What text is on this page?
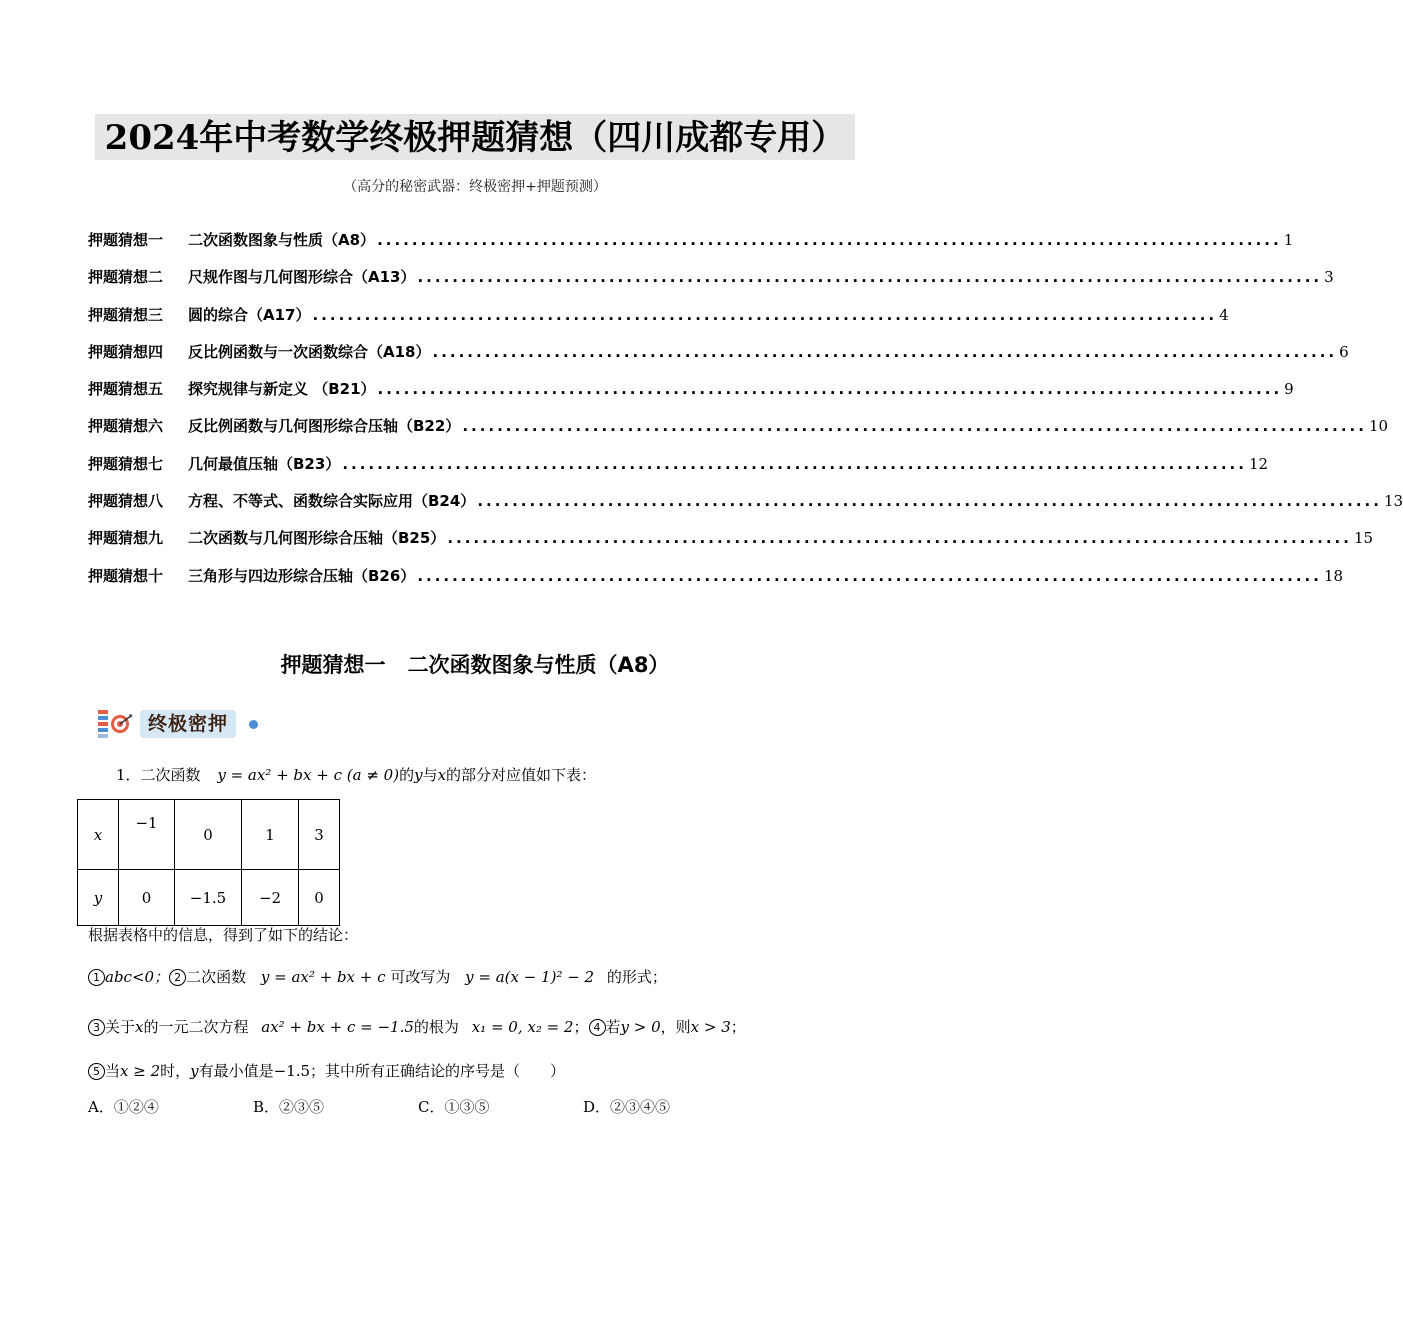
2024年中考数学终极押题猜想（四川成都专用）
（高分的秘密武器：终极密押+押题预测）
押题猜想一	二次函数图象与性质（A8） ........................................................................................................ 1
押题猜想二	尺规作图与几何图形综合（A13） ........................................................................................................ 3
押题猜想三	圆的综合（A17） ........................................................................................................ 4
押题猜想四	反比例函数与一次函数综合（A18） ........................................................................................................ 6
押题猜想五	探究规律与新定义 （B21） ........................................................................................................ 9
押题猜想六	反比例函数与几何图形综合压轴（B22） ........................................................................................................ 10
押题猜想七	几何最值压轴（B23） ........................................................................................................ 12
押题猜想八	方程、不等式、函数综合实际应用（B24） ........................................................................................................ 13
押题猜想九	二次函数与几何图形综合压轴（B25） ........................................................................................................ 15
押题猜想十	三角形与四边形综合压轴（B26） ........................................................................................................ 18
押题猜想一 二次函数图象与性质（A8）
终极密押
1．二次函数 y = ax² + bx + c (a ≠ 0)的y与x的部分对应值如下表：
x	−1	0	1	3
y	0	−1.5	−2	0
根据表格中的信息，得到了如下的结论：
1 abc<0； 2 二次函数 y = ax² + bx + c 可改写为 y = a(x − 1)² − 2 的形式；
3 关于x的一元二次方程 ax² + bx + c = −1.5的根为 x₁ = 0, x₂ = 2； 4 若y > 0，则x > 3；
5 当x ≥ 2时，y有最小值是−1.5；其中所有正确结论的序号是（　　）
A．①②④	B．②③⑤	C．①③⑤	D．②③④⑤
